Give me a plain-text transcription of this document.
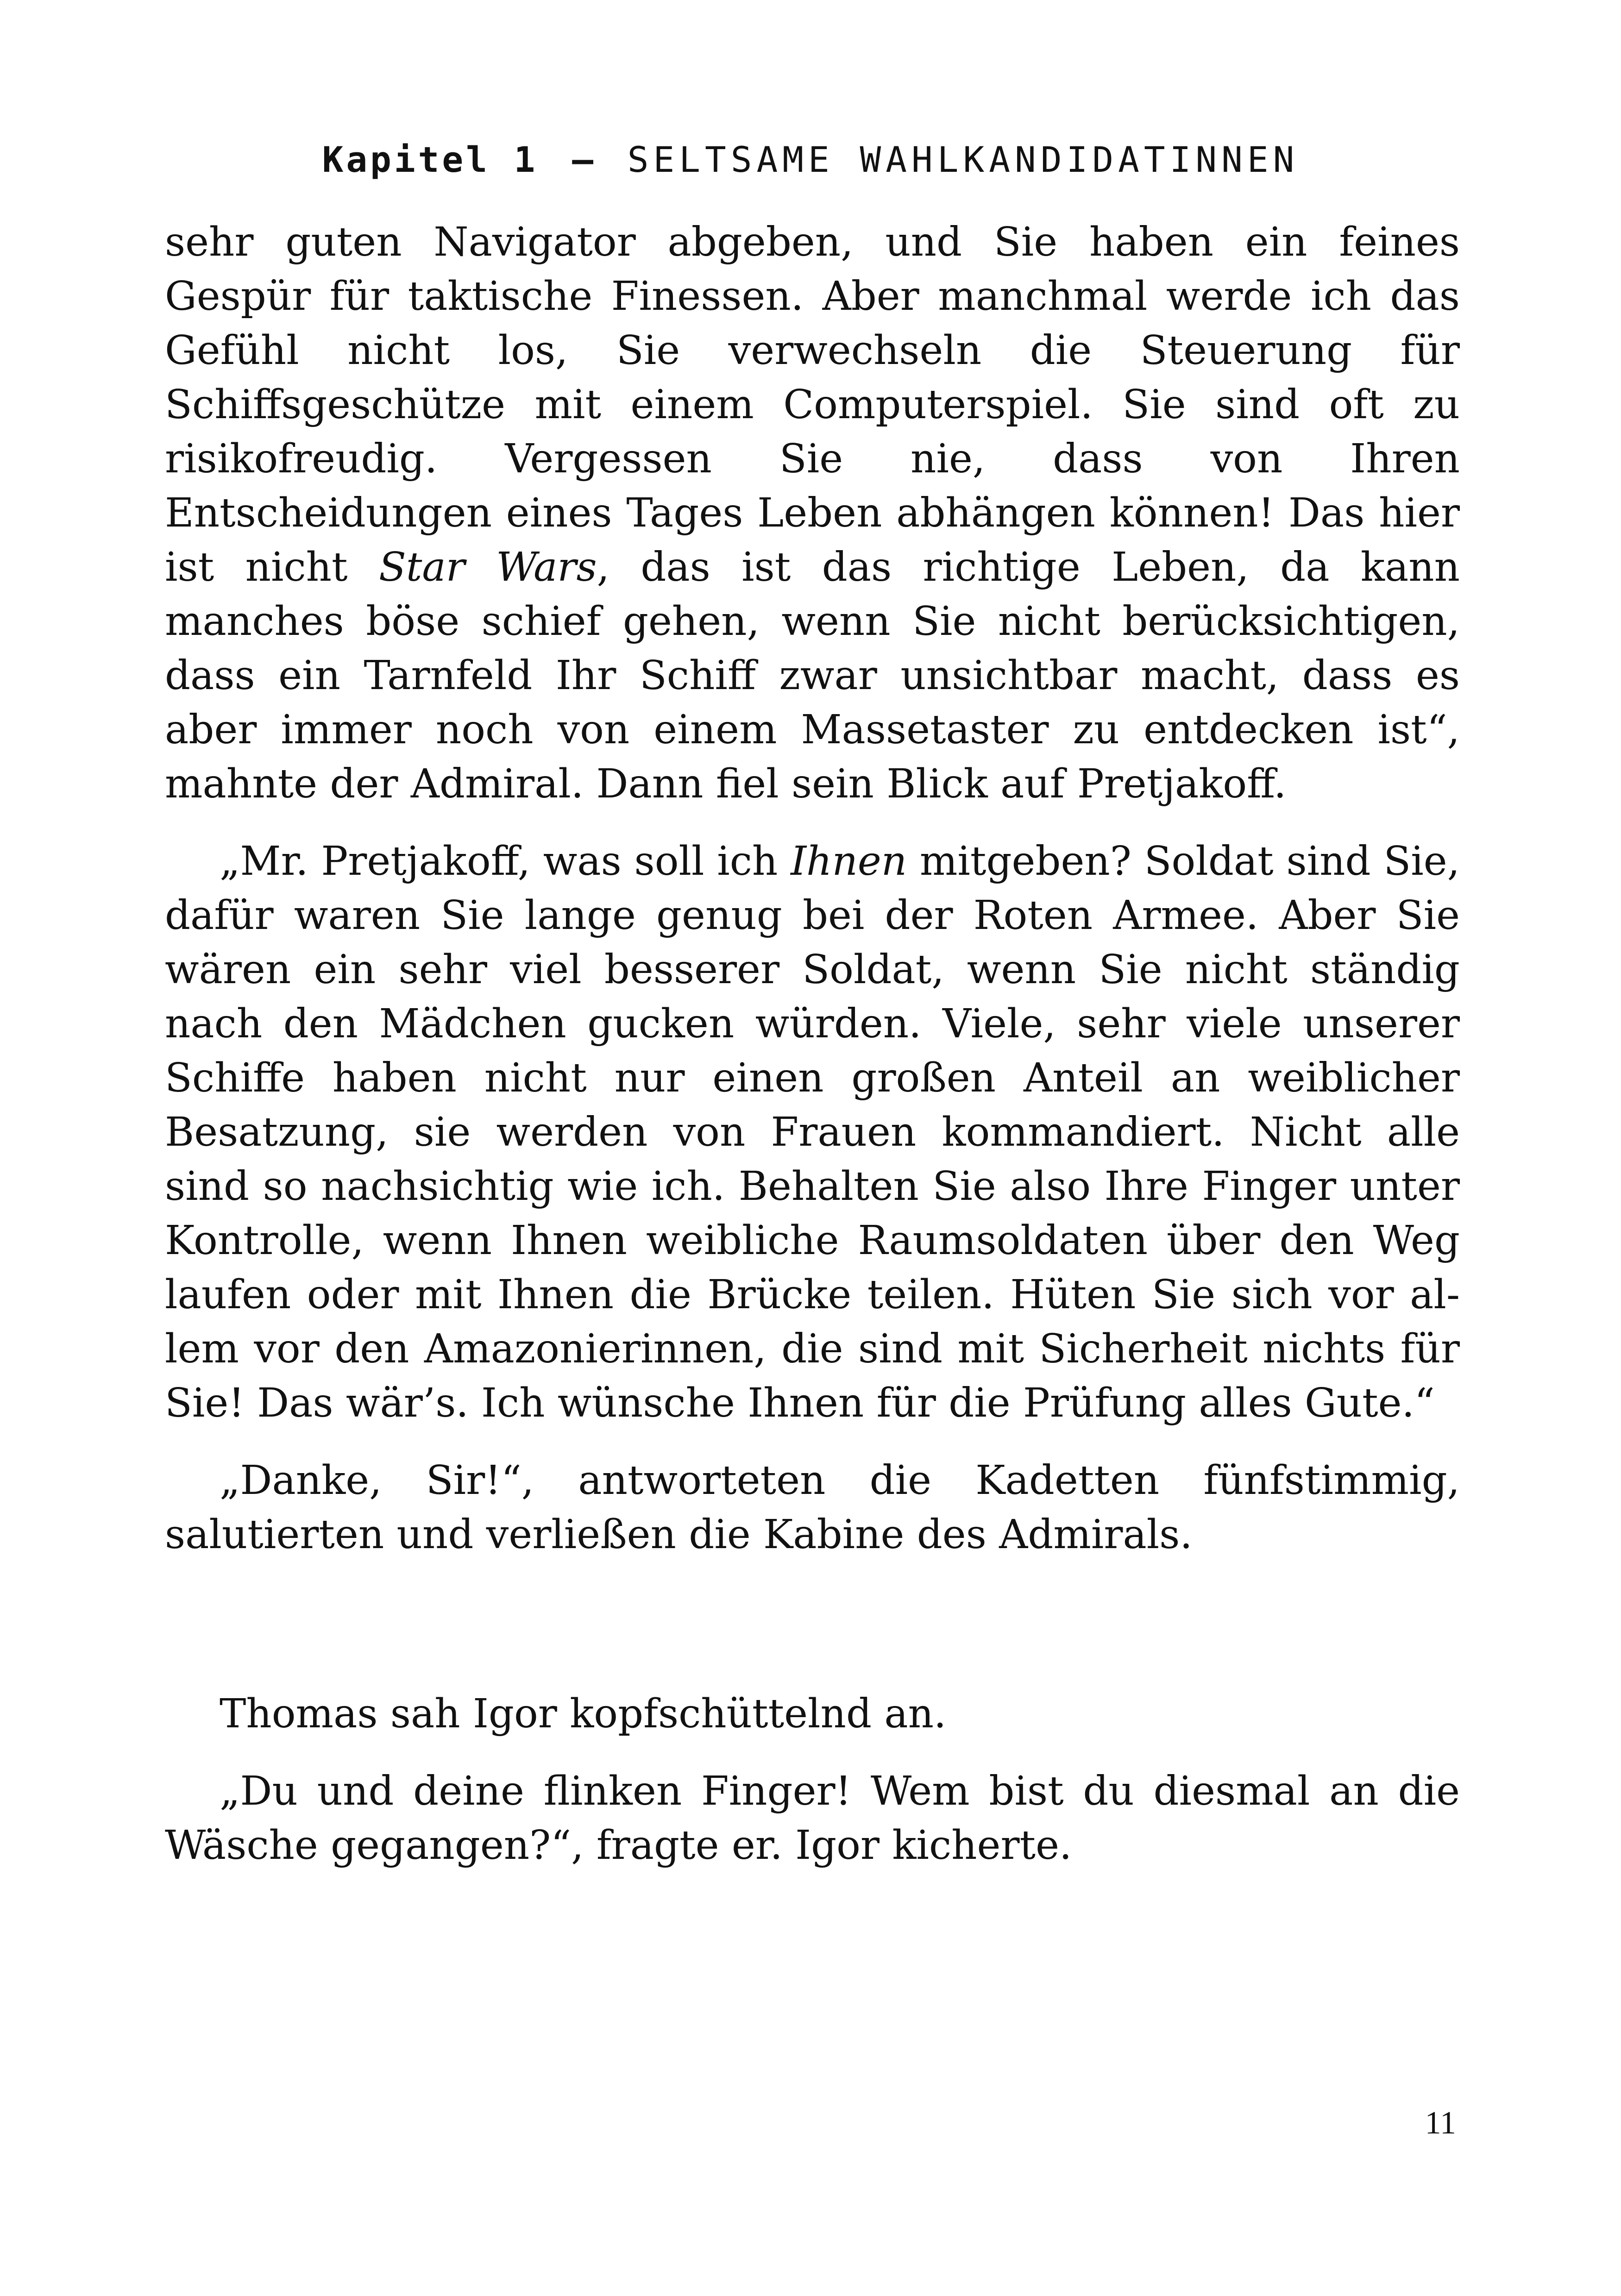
Kapitel 1 – SELTSAME WAHLKANDIDATINNEN

sehr guten Navigator abgeben, und Sie haben ein feines Gespür für taktische Finessen. Aber manchmal werde ich das Gefühl nicht los, Sie verwechseln die Steuerung für Schiffsgeschütze mit einem Computerspiel. Sie sind oft zu risikofreudig. Vergessen Sie nie, dass von Ihren Entscheidungen eines Tages Leben abhängen können! Das hier ist nicht Star Wars, das ist das richtige Leben, da kann manches böse schief gehen, wenn Sie nicht berücksichtigen, dass ein Tarnfeld Ihr Schiff zwar unsichtbar macht, dass es aber immer noch von einem Massetaster zu entdecken ist“, mahnte der Admiral. Dann fiel sein Blick auf Pretjakoff.

„Mr. Pretjakoff, was soll ich Ihnen mitgeben? Soldat sind Sie, dafür waren Sie lange genug bei der Roten Armee. Aber Sie wären ein sehr viel besserer Soldat, wenn Sie nicht ständig nach den Mädchen gucken würden. Viele, sehr viele unserer Schiffe haben nicht nur einen großen Anteil an weiblicher Besatzung, sie werden von Frauen kommandiert. Nicht alle sind so nachsichtig wie ich. Behalten Sie also Ihre Finger unter Kontrolle, wenn Ihnen weibliche Raumsoldaten über den Weg laufen oder mit Ihnen die Brücke teilen. Hüten Sie sich vor allem vor den Amazonierinnen, die sind mit Sicherheit nichts für Sie! Das wär’s. Ich wünsche Ihnen für die Prüfung alles Gute.“

„Danke, Sir!“, antworteten die Kadetten fünfstimmig, salutierten und verließen die Kabine des Admirals.

Thomas sah Igor kopfschüttelnd an.

„Du und deine flinken Finger! Wem bist du diesmal an die Wäsche gegangen?“, fragte er. Igor kicherte.

11
